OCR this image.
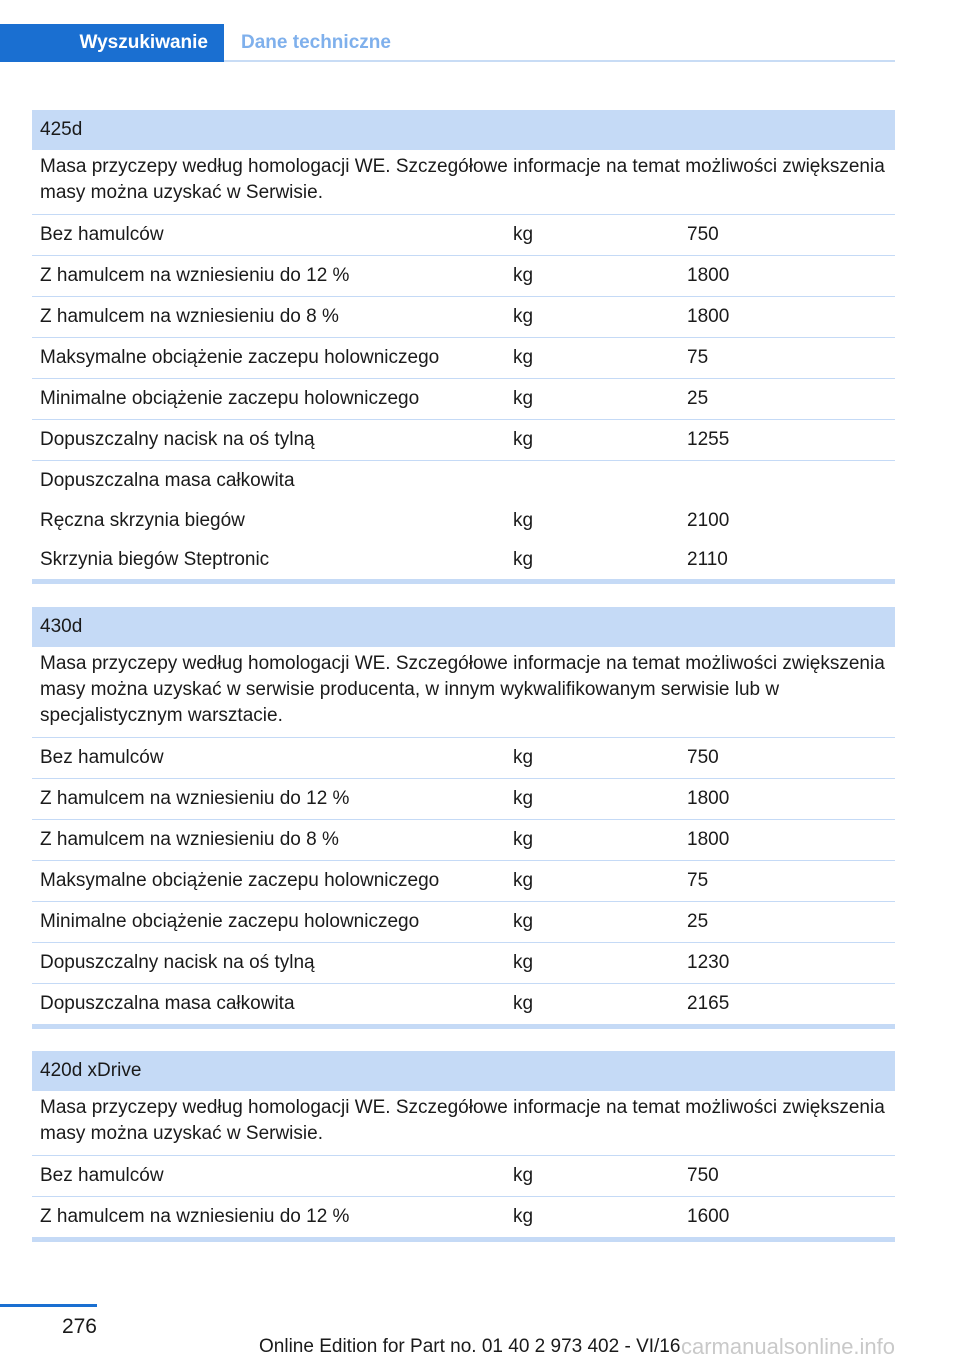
Wyszukiwanie	Dane techniczne
425d
Masa przyczepy według homologacji WE. Szczegółowe informacje na temat możliwości zwiększenia masy można uzyskać w Serwisie.
Bez hamulców	kg	750
Z hamulcem na wzniesieniu do 12 %	kg	1800
Z hamulcem na wzniesieniu do 8 %	kg	1800
Maksymalne obciążenie zaczepu holowniczego	kg	75
Minimalne obciążenie zaczepu holowniczego	kg	25
Dopuszczalny nacisk na oś tylną	kg	1255
Dopuszczalna masa całkowita
Ręczna skrzynia biegów	kg	2100
Skrzynia biegów Steptronic	kg	2110
430d
Masa przyczepy według homologacji WE. Szczegółowe informacje na temat możliwości zwiększenia masy można uzyskać w serwisie producenta, w innym wykwalifikowanym serwisie lub w specjalistycznym warsztacie.
Bez hamulców	kg	750
Z hamulcem na wzniesieniu do 12 %	kg	1800
Z hamulcem na wzniesieniu do 8 %	kg	1800
Maksymalne obciążenie zaczepu holowniczego	kg	75
Minimalne obciążenie zaczepu holowniczego	kg	25
Dopuszczalny nacisk na oś tylną	kg	1230
Dopuszczalna masa całkowita	kg	2165
420d xDrive
Masa przyczepy według homologacji WE. Szczegółowe informacje na temat możliwości zwiększenia masy można uzyskać w Serwisie.
Bez hamulców	kg	750
Z hamulcem na wzniesieniu do 12 %	kg	1600
276
Online Edition for Part no. 01 40 2 973 402 - VI/16 carmanualsonline.info
